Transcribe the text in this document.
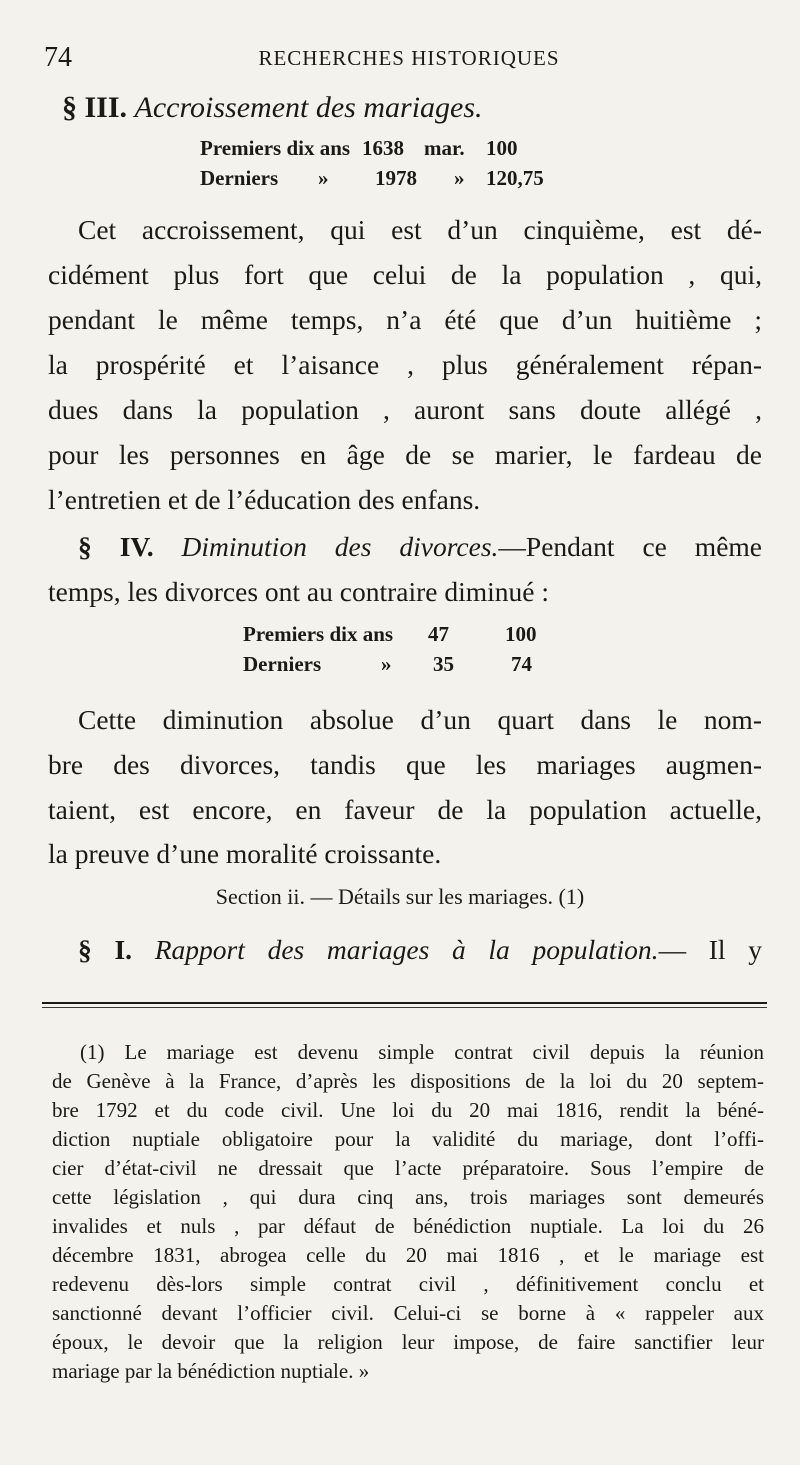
74	RECHERCHES HISTORIQUES
§ III. Accroissement des mariages.
Premiers dix ans 1638 mar. 100
Derniers » 1978 » 120,75
Cet accroissement, qui est d’un cinquième, est dé-
cidément plus fort que celui de la population , qui,
pendant le même temps, n’a été que d’un huitième ;
la prospérité et l’aisance , plus généralement répan-
dues dans la population , auront sans doute allégé ,
pour les personnes en âge de se marier, le fardeau de
l’entretien et de l’éducation des enfans.
§ IV. Diminution des divorces.—Pendant ce même
temps, les divorces ont au contraire diminué :
Premiers dix ans 47	100
Derniers	» 35	74
Cette diminution absolue d’un quart dans le nom-
bre des divorces, tandis que les mariages augmen-
taient, est encore, en faveur de la population actuelle,
la preuve d’une moralité croissante.
Section ii. — Détails sur les mariages. (1)
§ I. Rapport des mariages à la population.— Il y
(1) Le mariage est devenu simple contrat civil depuis la réunion
de Genève à la France, d’après les dispositions de la loi du 20 septem-
bre 1792 et du code civil. Une loi du 20 mai 1816, rendit la béné-
diction nuptiale obligatoire pour la validité du mariage, dont l’offi-
cier d’état-civil ne dressait que l’acte préparatoire. Sous l’empire de
cette législation , qui dura cinq ans, trois mariages sont demeurés
invalides et nuls , par défaut de bénédiction nuptiale. La loi du 26
décembre 1831, abrogea celle du 20 mai 1816 , et le mariage est
redevenu dès-lors simple contrat civil , définitivement conclu et
sanctionné devant l’officier civil. Celui-ci se borne à « rappeler aux
époux, le devoir que la religion leur impose, de faire sanctifier leur
mariage par la bénédiction nuptiale. »
